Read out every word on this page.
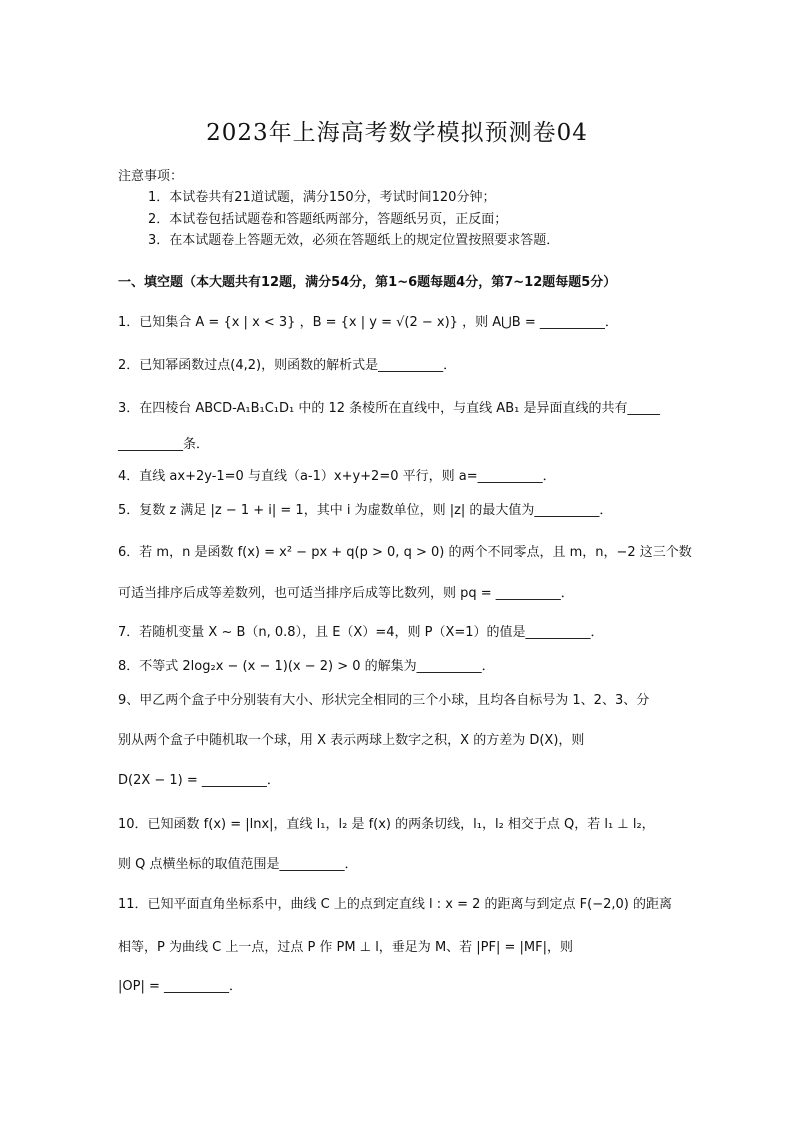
2023年上海高考数学模拟预测卷04
注意事项：
1．本试卷共有21道试题，满分150分，考试时间120分钟；
2．本试卷包括试题卷和答题纸两部分，答题纸另页，正反面；
3．在本试题卷上答题无效，必须在答题纸上的规定位置按照要求答题．
一、填空题（本大题共有12题，满分54分，第1~6题每题4分，第7~12题每题5分）
1．已知集合 A = {x | x < 3} ，B = {x | y = √(2 − x)} ，则 A⋃B = __________．
2．已知幂函数过点(4,2)，则函数的解析式是__________．
3．在四棱台 ABCD-A₁B₁C₁D₁ 中的 12 条棱所在直线中，与直线 AB₁ 是异面直线的共有_____
__________条．
4．直线 ax+2y-1=0 与直线（a-1）x+y+2=0 平行，则 a=__________．
5．复数 z 满足 |z − 1 + i| = 1，其中 i 为虚数单位，则 |z| 的最大值为__________．
6．若 m，n 是函数 f(x) = x² − px + q(p > 0, q > 0) 的两个不同零点，且 m，n，−2 这三个数
可适当排序后成等差数列，也可适当排序后成等比数列，则 pq = __________．
7．若随机变量 X ~ B（n, 0.8），且 E（X）=4，则 P（X=1）的值是__________．
8．不等式 2log₂x − (x − 1)(x − 2) > 0 的解集为__________．
9、甲乙两个盒子中分别装有大小、形状完全相同的三个小球，且均各自标号为 1、2、3、分
别从两个盒子中随机取一个球，用 X 表示两球上数字之积，X 的方差为 D(X)，则
D(2X − 1) = __________．
10．已知函数 f(x) = |lnx|，直线 l₁，l₂ 是 f(x) 的两条切线，l₁，l₂ 相交于点 Q，若 l₁ ⊥ l₂，
则 Q 点横坐标的取值范围是__________．
11．已知平面直角坐标系中，曲线 C 上的点到定直线 l : x = 2 的距离与到定点 F(−2,0) 的距离
相等，P 为曲线 C 上一点，过点 P 作 PM ⊥ l，垂足为 M、若 |PF| = |MF|，则
|OP| = __________．
